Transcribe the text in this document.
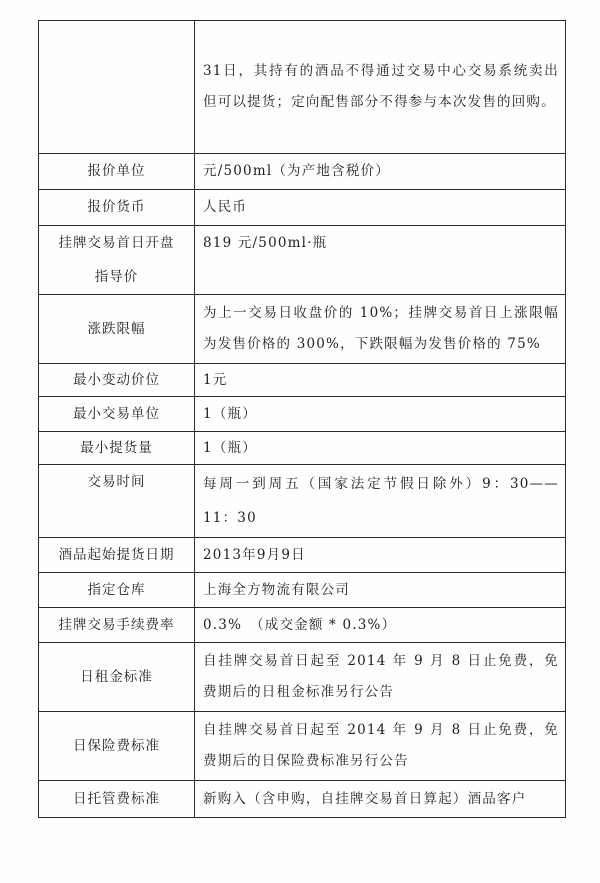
	31日，其持有的酒品不得通过交易中心交易系统卖出但可以提货；定向配售部分不得参与本次发售的回购。
报价单位	元/500ml（为产地含税价）
报价货币	人民币
挂牌交易首日开盘指导价	819 元/500ml·瓶
涨跌限幅	为上一交易日收盘价的 10%；挂牌交易首日上涨限幅为发售价格的 300%，下跌限幅为发售价格的 75%
最小变动价位	1元
最小交易单位	1（瓶）
最小提货量	1（瓶）
交易时间	每周一到周五（国家法定节假日除外）9：30——11：30
酒品起始提货日期	2013年9月9日
指定仓库	上海全方物流有限公司
挂牌交易手续费率	0.3%　（成交金额 * 0.3%）
日租金标准	自挂牌交易首日起至 2014 年 9 月 8 日止免费，免费期后的日租金标准另行公告
日保险费标准	自挂牌交易首日起至 2014 年 9 月 8 日止免费，免费期后的日保险费标准另行公告
日托管费标准	新购入（含申购，自挂牌交易首日算起）酒品客户
